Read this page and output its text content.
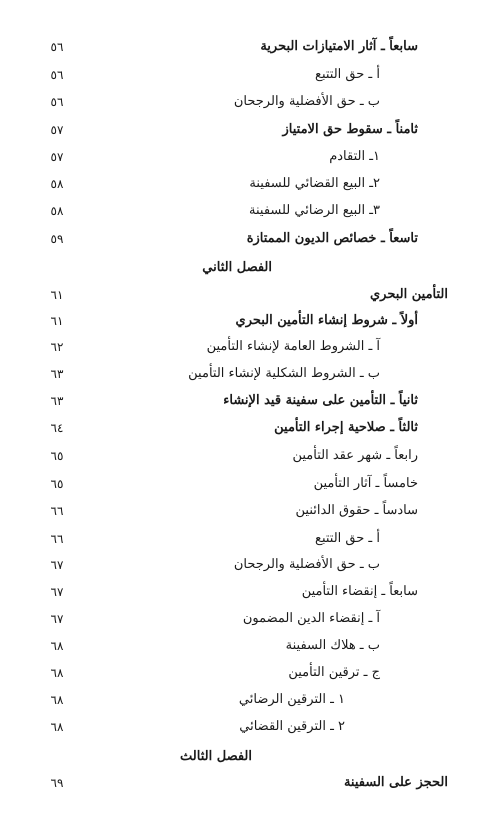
سابعاً ـ آثار الامتيازات البحرية
٥٦
أ ـ حق التتبع
٥٦
ب ـ حق الأفضلية والرجحان
٥٦
ثامناً ـ سقوط حق الامتياز
٥٧
١ـ التقادم
٥٧
٢ـ البيع القضائي للسفينة
٥٨
٣ـ البيع الرضائي للسفينة
٥٨
تاسعاً ـ خصائص الديون الممتازة
٥٩
الفصل الثاني
التأمين البحري
٦١
أولاً ـ شروط إنشاء التأمين البحري
٦١
آ ـ الشروط العامة لإنشاء التأمين
٦٢
ب ـ الشروط الشكلية لإنشاء التأمين
٦٣
ثانياً ـ التأمين على سفينة قيد الإنشاء
٦٣
ثالثاً ـ صلاحية إجراء التأمين
٦٤
رابعاً ـ شهر عقد التأمين
٦٥
خامساً ـ آثار التأمين
٦٥
سادساً ـ حقوق الدائنين
٦٦
أ ـ حق التتبع
٦٦
ب ـ حق الأفضلية والرجحان
٦٧
سابعاً ـ إنقضاء التأمين
٦٧
آ ـ إنقضاء الدين المضمون
٦٧
ب ـ هلاك السفينة
٦٨
ج ـ ترقين التأمين
٦٨
١ ـ الترقين الرضائي
٦٨
٢ ـ الترقين القضائي
٦٨
الفصل الثالث
الحجز على السفينة
٦٩
